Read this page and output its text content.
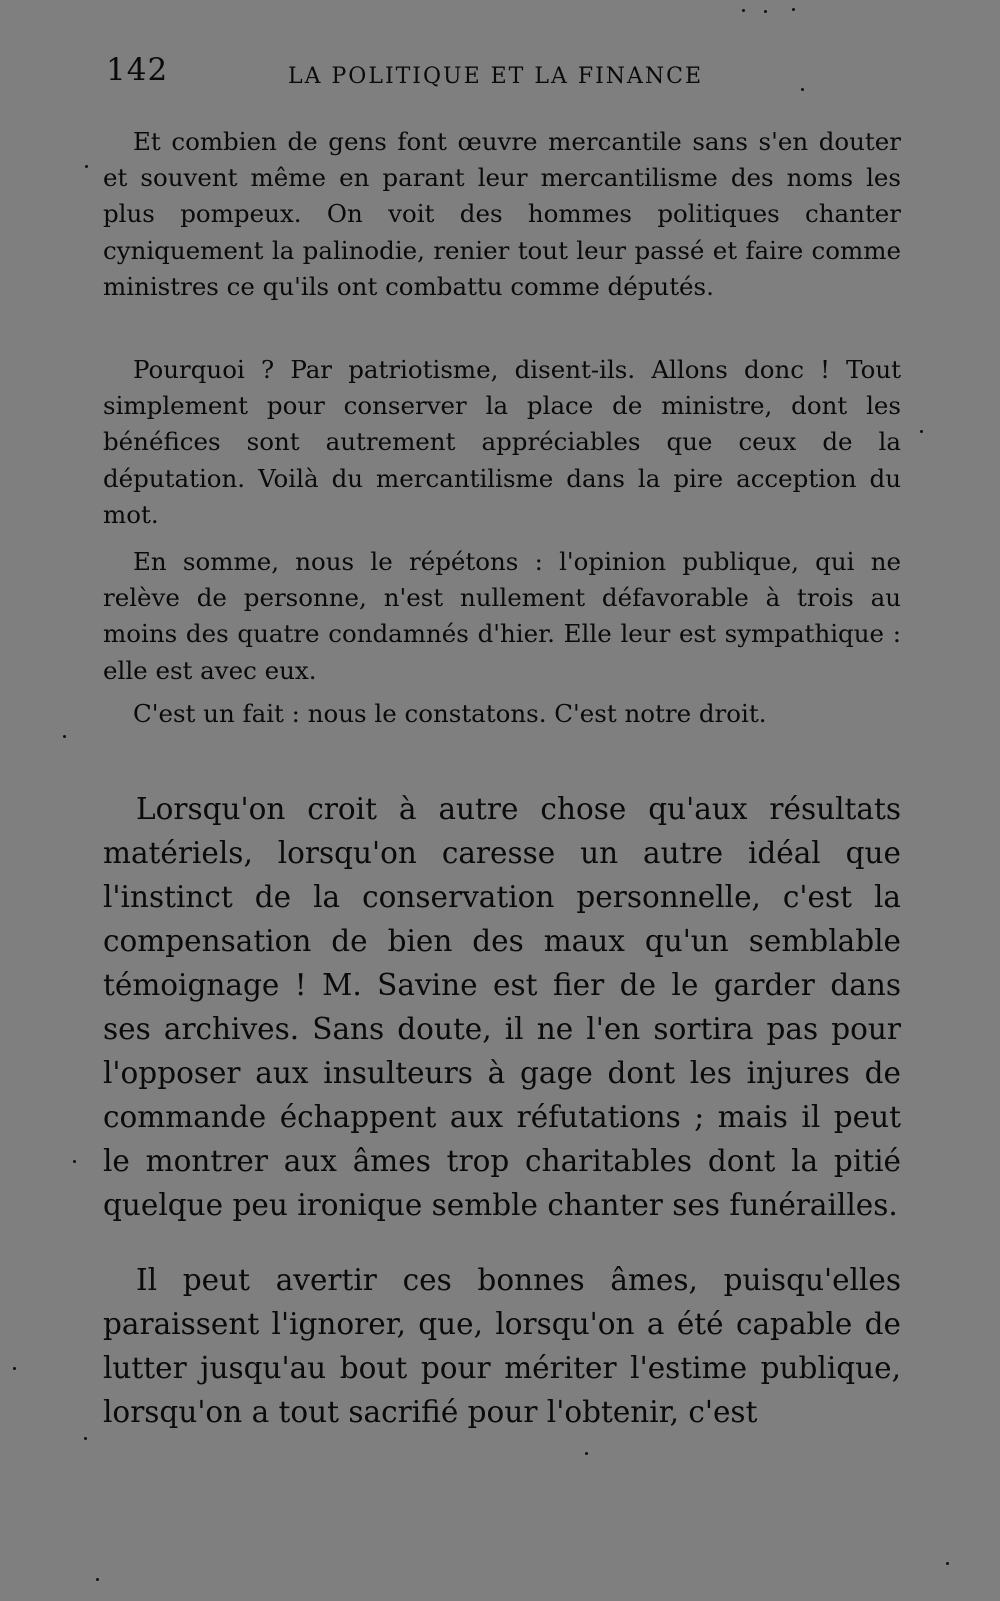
142	LA POLITIQUE ET LA FINANCE

Et combien de gens font œuvre mercantile sans s'en douter et souvent même en parant leur mercantilisme des noms les plus pompeux. On voit des hommes politiques chanter cyniquement la palinodie, renier tout leur passé et faire comme ministres ce qu'ils ont combattu comme députés.

Pourquoi ? Par patriotisme, disent-ils. Allons donc ! Tout simplement pour conserver la place de ministre, dont les bénéfices sont autrement appréciables que ceux de la députation. Voilà du mercantilisme dans la pire acception du mot.

En somme, nous le répétons : l'opinion publique, qui ne relève de personne, n'est nullement défavorable à trois au moins des quatre condamnés d'hier. Elle leur est sympathique : elle est avec eux.

C'est un fait : nous le constatons. C'est notre droit.

Lorsqu'on croit à autre chose qu'aux résultats matériels, lorsqu'on caresse un autre idéal que l'instinct de la conservation personnelle, c'est la compensation de bien des maux qu'un semblable témoignage ! M. Savine est fier de le garder dans ses archives. Sans doute, il ne l'en sortira pas pour l'opposer aux insulteurs à gage dont les injures de commande échappent aux réfutations ; mais il peut le montrer aux âmes trop charitables dont la pitié quelque peu ironique semble chanter ses funérailles.

Il peut avertir ces bonnes âmes, puisqu'elles paraissent l'ignorer, que, lorsqu'on a été capable de lutter jusqu'au bout pour mériter l'estime publique, lorsqu'on a tout sacrifié pour l'obtenir, c'est
